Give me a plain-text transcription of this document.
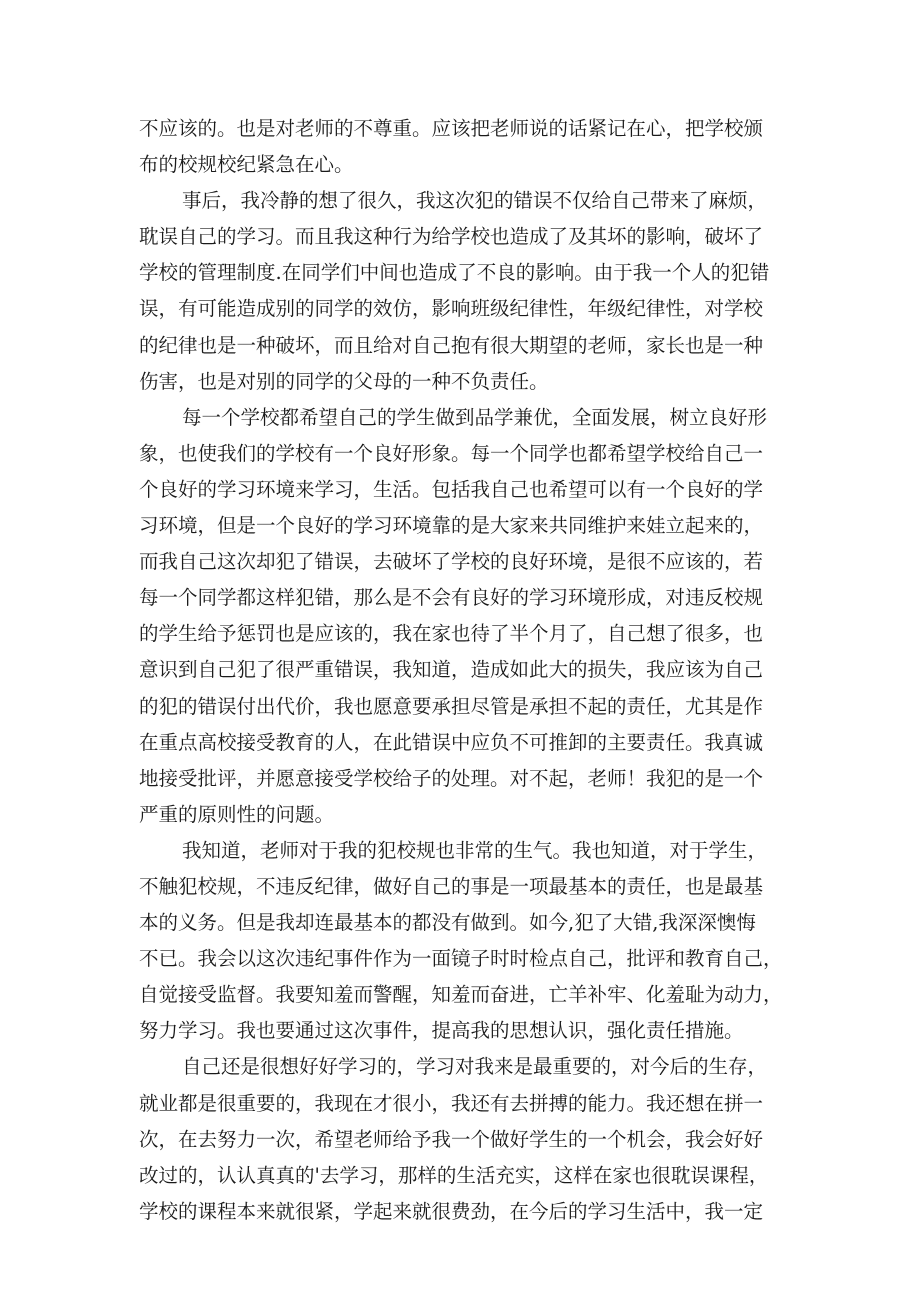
不应该的。也是对老师的不尊重。应该把老师说的话紧记在心，把学校颁
布的校规校纪紧急在心。
事后，我冷静的想了很久，我这次犯的错误不仅给自己带来了麻烦，
耽误自己的学习。而且我这种行为给学校也造成了及其坏的影响，破坏了
学校的管理制度.在同学们中间也造成了不良的影响。由于我一个人的犯错
误，有可能造成别的同学的效仿，影响班级纪律性，年级纪律性，对学校
的纪律也是一种破坏，而且给对自己抱有很大期望的老师，家长也是一种
伤害，也是对别的同学的父母的一种不负责任。
每一个学校都希望自己的学生做到品学兼优，全面发展，树立良好形
象，也使我们的学校有一个良好形象。每一个同学也都希望学校给自己一
个良好的学习环境来学习，生活。包括我自己也希望可以有一个良好的学
习环境，但是一个良好的学习环境靠的是大家来共同维护来娃立起来的，
而我自己这次却犯了错误，去破坏了学校的良好环境，是很不应该的，若
每一个同学都这样犯错，那么是不会有良好的学习环境形成，对违反校规
的学生给予惩罚也是应该的，我在家也待了半个月了，自己想了很多，也
意识到自己犯了很严重错误，我知道，造成如此大的损失，我应该为自己
的犯的错误付出代价，我也愿意要承担尽管是承担不起的责任，尤其是作
在重点高校接受教育的人，在此错误中应负不可推卸的主要责任。我真诚
地接受批评，并愿意接受学校给子的处理。对不起，老师！我犯的是一个
严重的原则性的问题。
我知道，老师对于我的犯校规也非常的生气。我也知道，对于学生，
不触犯校规，不违反纪律，做好自己的事是一项最基本的责任，也是最基
本的义务。但是我却连最基本的都没有做到。如今,犯了大错,我深深懊悔
不已。我会以这次违纪事件作为一面镜子时时检点自己，批评和教育自己，
自觉接受监督。我要知羞而警醒，知羞而奋进，亡羊补牢、化羞耻为动力，
努力学习。我也要通过这次事件，提高我的思想认识，强化责任措施。
自己还是很想好好学习的，学习对我来是最重要的，对今后的生存，
就业都是很重要的，我现在才很小，我还有去拼搏的能力。我还想在拼一
次，在去努力一次，希望老师给予我一个做好学生的一个机会，我会好好
改过的，认认真真的'去学习，那样的生活充实，这样在家也很耽误课程，
学校的课程本来就很紧，学起来就很费劲，在今后的学习生活中，我一定
